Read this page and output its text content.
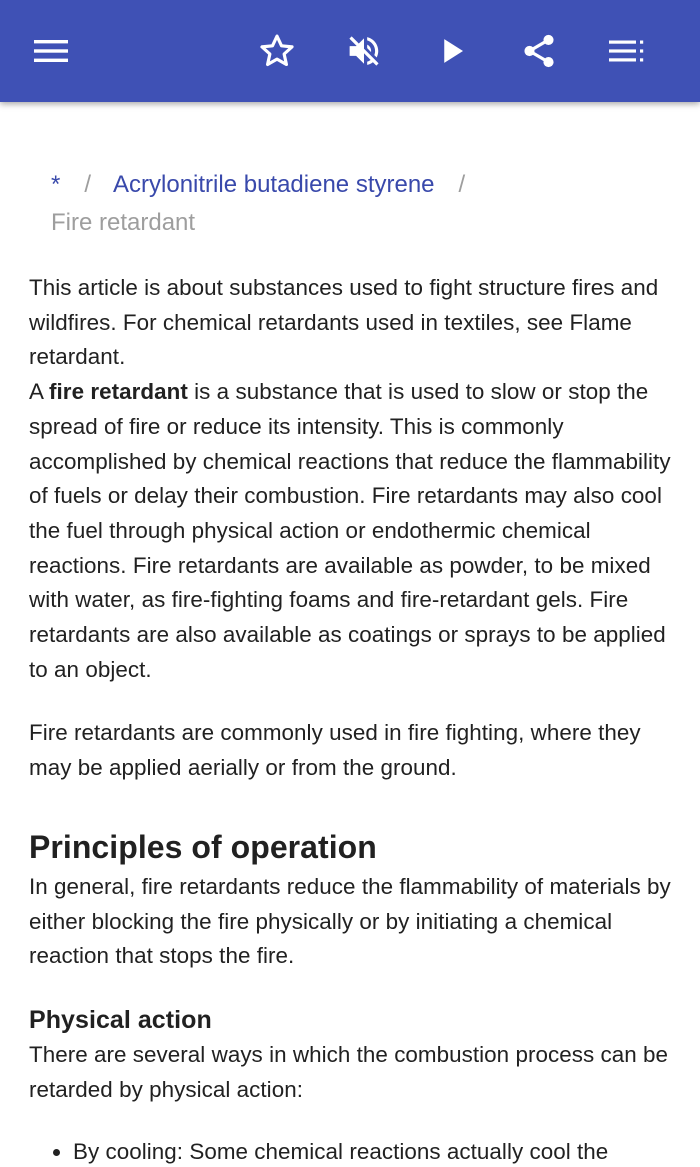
* / Acrylonitrile butadiene styrene /
Fire retardant

This article is about substances used to fight structure fires and wildfires. For chemical retardants used in textiles, see Flame retardant.

A fire retardant is a substance that is used to slow or stop the spread of fire or reduce its intensity. This is commonly accomplished by chemical reactions that reduce the flammability of fuels or delay their combustion. Fire retardants may also cool the fuel through physical action or endothermic chemical reactions. Fire retardants are available as powder, to be mixed with water, as fire-fighting foams and fire-retardant gels. Fire retardants are also available as coatings or sprays to be applied to an object.

Fire retardants are commonly used in fire fighting, where they may be applied aerially or from the ground.

Principles of operation

In general, fire retardants reduce the flammability of materials by either blocking the fire physically or by initiating a chemical reaction that stops the fire.

Physical action

There are several ways in which the combustion process can be retarded by physical action:

• By cooling: Some chemical reactions actually cool the
